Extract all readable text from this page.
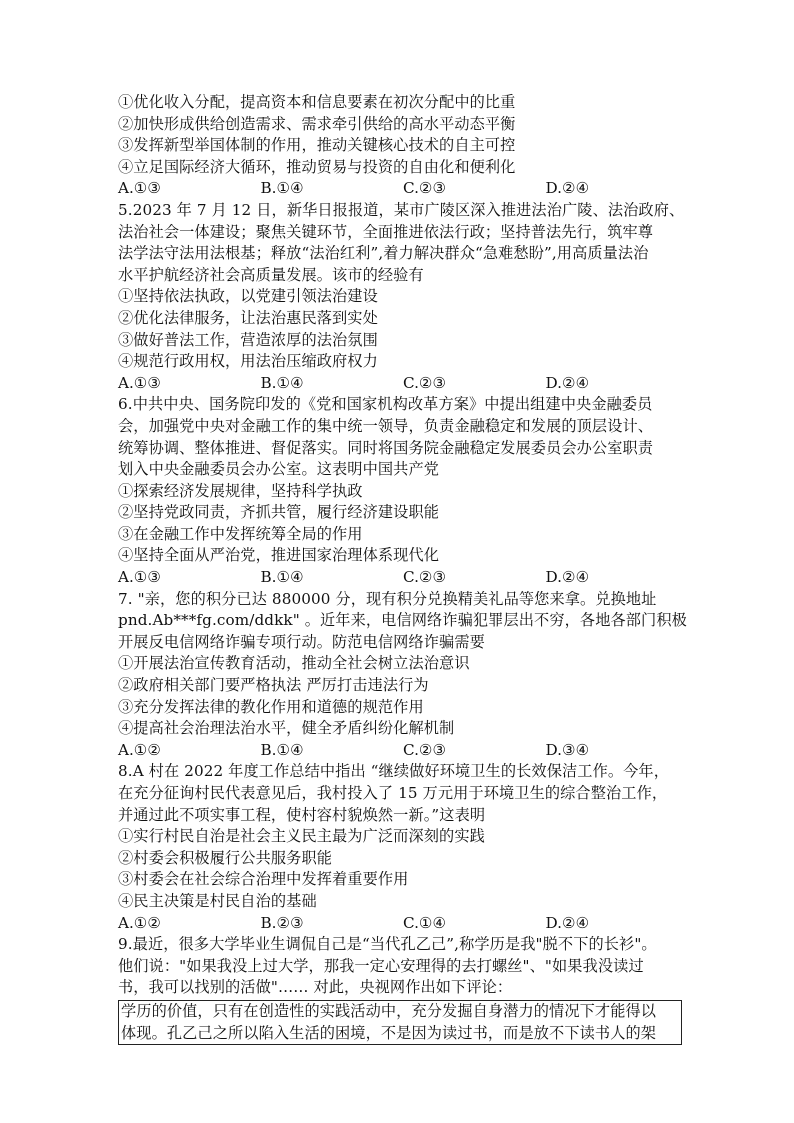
①优化收入分配，提高资本和信息要素在初次分配中的比重
②加快形成供给创造需求、需求牵引供给的高水平动态平衡
③发挥新型举国体制的作用，推动关键核心技术的自主可控
④立足国际经济大循环，推动贸易与投资的自由化和便利化
A.①③	B.①④	C.②③	D.②④
5.2023 年 7 月 12 日，新华日报报道，某市广陵区深入推进法治广陵、法治政府、
法治社会一体建设；聚焦关键环节，全面推进依法行政；坚持普法先行，筑牢尊
法学法守法用法根基；释放“法治红利”,着力解决群众“急难愁盼”,用高质量法治
水平护航经济社会高质量发展。该市的经验有
①坚持依法执政，以党建引领法治建设
②优化法律服务，让法治惠民落到实处
③做好普法工作，营造浓厚的法治氛围
④规范行政用权，用法治压缩政府权力
A.①③	B.①④	C.②③	D.②④
6.中共中央、国务院印发的《党和国家机构改革方案》中提出组建中央金融委员
会，加强党中央对金融工作的集中统一领导，负责金融稳定和发展的顶层设计、
统筹协调、整体推进、督促落实。同时将国务院金融稳定发展委员会办公室职责
划入中央金融委员会办公室。这表明中国共产党
①探索经济发展规律，坚持科学执政
②坚持党政同责，齐抓共管，履行经济建设职能
③在金融工作中发挥统筹全局的作用
④坚持全面从严治党，推进国家治理体系现代化
A.①③	B.①④	C.②③	D.②④
7. "亲，您的积分已达 880000 分，现有积分兑换精美礼品等您来拿。兑换地址
pnd.Ab***fg.com/ddkk" 。近年来，电信网络诈骗犯罪层出不穷，各地各部门积极
开展反电信网络诈骗专项行动。防范电信网络诈骗需要
①开展法治宣传教育活动，推动全社会树立法治意识
②政府相关部门要严格执法 严厉打击违法行为
③充分发挥法律的教化作用和道德的规范作用
④提高社会治理法治水平，健全矛盾纠纷化解机制
A.①②	B.①④	C.②③	D.③④
8.A 村在 2022 年度工作总结中指出 “继续做好环境卫生的长效保洁工作。今年，
在充分征询村民代表意见后，我村投入了 15 万元用于环境卫生的综合整治工作，
并通过此不项实事工程，使村容村貌焕然一新。”这表明
①实行村民自治是社会主义民主最为广泛而深刻的实践
②村委会积极履行公共服务职能
③村委会在社会综合治理中发挥着重要作用
④民主决策是村民自治的基础
A.①②	B.②③	C.①④	D.②④
9.最近，很多大学毕业生调侃自己是“当代孔乙己”,称学历是我"脱不下的长衫"。
他们说："如果我没上过大学，那我一定心安理得的去打螺丝"、"如果我没读过
书，我可以找别的活做"…… 对此，央视网作出如下评论：
学历的价值，只有在创造性的实践活动中，充分发掘自身潜力的情况下才能得以
体现。孔乙己之所以陷入生活的困境，不是因为读过书，而是放不下读书人的架
